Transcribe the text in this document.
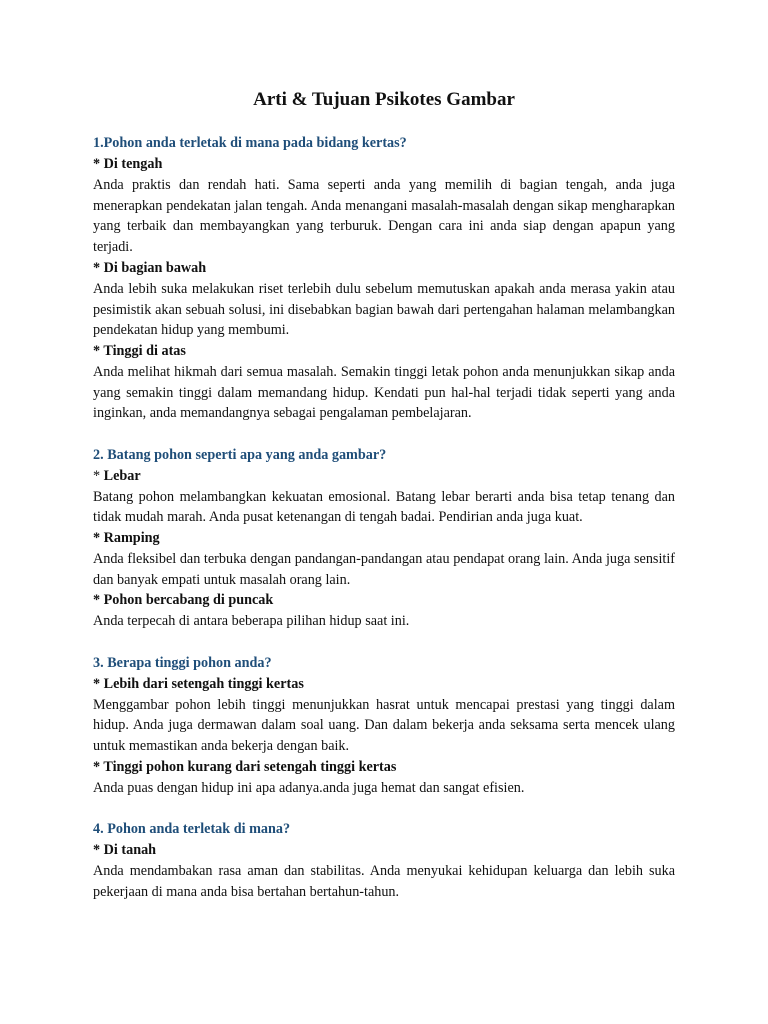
Arti & Tujuan Psikotes Gambar
1.Pohon anda terletak di mana pada bidang kertas?
* Di tengah
Anda praktis dan rendah hati. Sama seperti anda yang memilih di bagian tengah, anda juga menerapkan pendekatan jalan tengah. Anda menangani masalah-masalah dengan sikap mengharapkan yang terbaik dan membayangkan yang terburuk. Dengan cara ini anda siap dengan apapun yang terjadi.
* Di bagian bawah
Anda lebih suka melakukan riset terlebih dulu sebelum memutuskan apakah anda merasa yakin atau pesimistik akan sebuah solusi, ini disebabkan bagian bawah dari pertengahan halaman melambangkan pendekatan hidup yang membumi.
* Tinggi di atas
Anda melihat hikmah dari semua masalah. Semakin tinggi letak pohon anda menunjukkan sikap anda yang semakin tinggi dalam memandang hidup. Kendati pun hal-hal terjadi tidak seperti yang anda inginkan, anda memandangnya sebagai pengalaman pembelajaran.
2. Batang pohon seperti apa yang anda gambar?
* Lebar
Batang pohon melambangkan kekuatan emosional. Batang lebar berarti anda bisa tetap tenang dan tidak mudah marah. Anda pusat ketenangan di tengah badai. Pendirian anda juga kuat.
* Ramping
Anda fleksibel dan terbuka dengan pandangan-pandangan atau pendapat orang lain. Anda juga sensitif dan banyak empati untuk masalah orang lain.
* Pohon bercabang di puncak
Anda terpecah di antara beberapa pilihan hidup saat ini.
3. Berapa tinggi pohon anda?
* Lebih dari setengah tinggi kertas
Menggambar pohon lebih tinggi menunjukkan hasrat untuk mencapai prestasi yang tinggi dalam hidup. Anda juga dermawan dalam soal uang. Dan dalam bekerja anda seksama serta mencek ulang untuk memastikan anda bekerja dengan baik.
* Tinggi pohon kurang dari setengah tinggi kertas
Anda puas dengan hidup ini apa adanya.anda juga hemat dan sangat efisien.
4. Pohon anda terletak di mana?
* Di tanah
Anda mendambakan rasa aman dan stabilitas. Anda menyukai kehidupan keluarga dan lebih suka pekerjaan di mana anda bisa bertahan bertahun-tahun.
